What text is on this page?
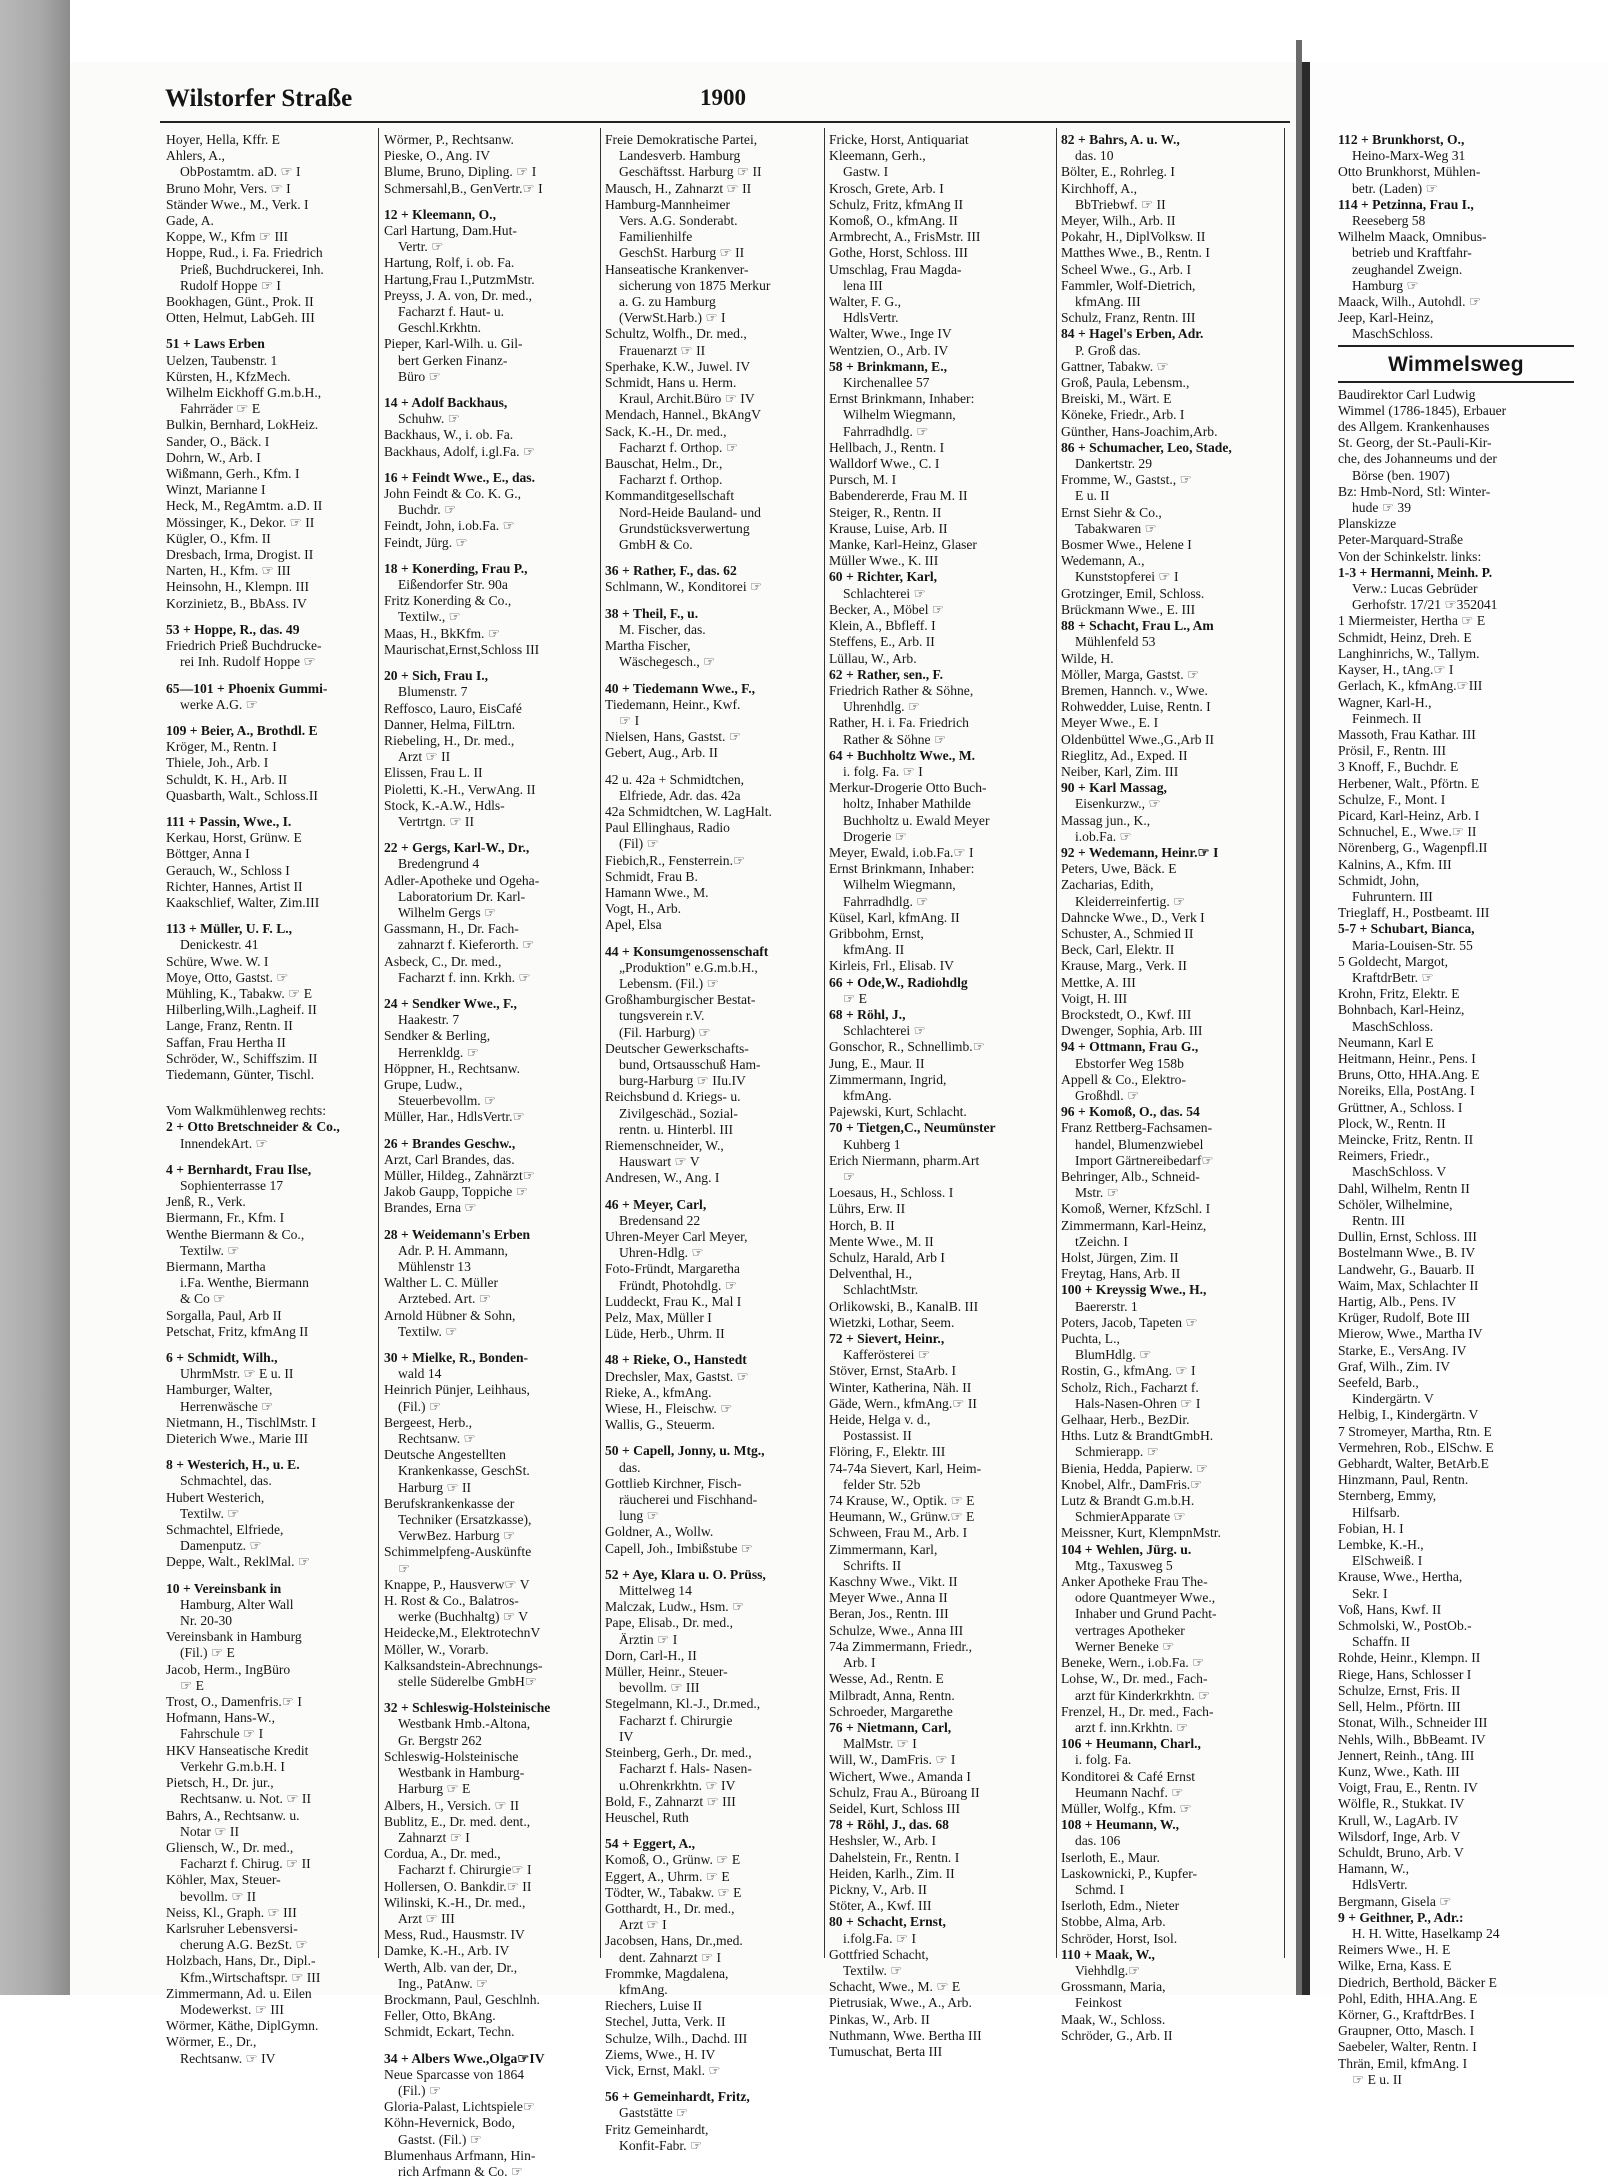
Wilstorfer Straße	1900
Hoyer, Hella, Kffr. E
Ahlers, A.,
ObPostamtm. aD. ☞ I
Bruno Mohr, Vers. ☞ I
Ständer Wwe., M., Verk. I
Gade, A.
Koppe, W., Kfm ☞ III
Hoppe, Rud., i. Fa. Friedrich
Prieß, Buchdruckerei, Inh.
Rudolf Hoppe ☞ I
Bookhagen, Günt., Prok. II
Otten, Helmut, LabGeh. III
51 + Laws Erben
Uelzen, Taubenstr. 1
Kürsten, H., KfzMech.
Wilhelm Eickhoff G.m.b.H.,
Fahrräder ☞ E
Bulkin, Bernhard, LokHeiz.
Sander, O., Bäck. I
Dohrn, W., Arb. I
Wißmann, Gerh., Kfm. I
Winzt, Marianne I
Heck, M., RegAmtm. a.D. II
Mössinger, K., Dekor. ☞ II
Kügler, O., Kfm. II
Dresbach, Irma, Drogist. II
Narten, H., Kfm. ☞ III
Heinsohn, H., Klempn. III
Korzinietz, B., BbAss. IV
53 + Hoppe, R., das. 49
Friedrich Prieß Buchdrucke-
rei Inh. Rudolf Hoppe ☞
65—101 + Phoenix Gummi-
werke A.G. ☞
109 + Beier, A., Brothdl. E
Kröger, M., Rentn. I
Thiele, Joh., Arb. I
Schuldt, K. H., Arb. II
Quasbarth, Walt., Schloss.II
111 + Passin, Wwe., I.
Kerkau, Horst, Grünw. E
Böttger, Anna I
Gerauch, W., Schloss I
Richter, Hannes, Artist II
Kaakschlief, Walter, Zim.III
113 + Müller, U. F. L.,
Denickestr. 41
Schüre, Wwe. W. I
Moye, Otto, Gastst. ☞
Mühling, K., Tabakw. ☞ E
Hilberling,Wilh.,Lagheif. II
Lange, Franz, Rentn. II
Saffan, Frau Hertha II
Schröder, W., Schiffszim. II
Tiedemann, Günter, Tischl.
Vom Walkmühlenweg rechts:
2 + Otto Bretschneider & Co.,
InnendekArt. ☞
4 + Bernhardt, Frau Ilse,
Sophienterrasse 17
Jenß, R., Verk.
Biermann, Fr., Kfm. I
Wenthe Biermann & Co.,
Textilw. ☞
Biermann, Martha
i.Fa. Wenthe, Biermann
& Co ☞
Sorgalla, Paul, Arb II
Petschat, Fritz, kfmAng II
6 + Schmidt, Wilh.,
UhrmMstr. ☞ E u. II
Hamburger, Walter,
Herrenwäsche ☞
Nietmann, H., TischlMstr. I
Dieterich Wwe., Marie III
8 + Westerich, H., u. E.
Schmachtel, das.
Hubert Westerich,
Textilw. ☞
Schmachtel, Elfriede,
Damenputz. ☞
Deppe, Walt., ReklMal. ☞
10 + Vereinsbank in
Hamburg, Alter Wall
Nr. 20-30
Vereinsbank in Hamburg
(Fil.) ☞ E
Jacob, Herm., IngBüro
☞ E
Trost, O., Damenfris.☞ I
Hofmann, Hans-W.,
Fahrschule ☞ I
HKV Hanseatische Kredit
Verkehr G.m.b.H. I
Pietsch, H., Dr. jur.,
Rechtsanw. u. Not. ☞ II
Bahrs, A., Rechtsanw. u.
Notar ☞ II
Gliensch, W., Dr. med.,
Facharzt f. Chirug. ☞ II
Köhler, Max, Steuer-
bevollm. ☞ II
Neiss, Kl., Graph. ☞ III
Karlsruher Lebensversi-
cherung A.G. BezSt. ☞
Holzbach, Hans, Dr., Dipl.-
Kfm.,Wirtschaftspr. ☞ III
Zimmermann, Ad. u. Eilen
Modewerkst. ☞ III
Wörmer, Käthe, DiplGymn.
Wörmer, E., Dr.,
Rechtsanw. ☞ IV
Wörmer, P., Rechtsanw.
Pieske, O., Ang. IV
Blume, Bruno, Dipling. ☞ I
Schmersahl,B., GenVertr.☞ I
12 + Kleemann, O.,
Carl Hartung, Dam.Hut-
Vertr. ☞
Hartung, Rolf, i. ob. Fa.
Hartung,Frau I.,PutzmMstr.
Preyss, J. A. von, Dr. med.,
Facharzt f. Haut- u.
Geschl.Krkhtn.
Pieper, Karl-Wilh. u. Gil-
bert Gerken Finanz-
Büro ☞
14 + Adolf Backhaus,
Schuhw. ☞
Backhaus, W., i. ob. Fa.
Backhaus, Adolf, i.gl.Fa. ☞
16 + Feindt Wwe., E., das.
John Feindt & Co. K. G.,
Buchdr. ☞
Feindt, John, i.ob.Fa. ☞
Feindt, Jürg. ☞
18 + Konerding, Frau P.,
Eißendorfer Str. 90a
Fritz Konerding & Co.,
Textilw., ☞
Maas, H., BkKfm. ☞
Maurischat,Ernst,Schloss III
20 + Sich, Frau I.,
Blumenstr. 7
Reffosco, Lauro, EisCafé
Danner, Helma, FilLtrn.
Riebeling, H., Dr. med.,
Arzt ☞ II
Elissen, Frau L. II
Pioletti, K.-H., VerwAng. II
Stock, K.-A.W., Hdls-
Vertrtgn. ☞ II
22 + Gergs, Karl-W., Dr.,
Bredengrund 4
Adler-Apotheke und Ogeha-
Laboratorium Dr. Karl-
Wilhelm Gergs ☞
Gassmann, H., Dr. Fach-
zahnarzt f. Kieferorth. ☞
Asbeck, C., Dr. med.,
Facharzt f. inn. Krkh. ☞
24 + Sendker Wwe., F.,
Haakestr. 7
Sendker & Berling,
Herrenkldg. ☞
Höppner, H., Rechtsanw.
Grupe, Ludw.,
Steuerbevollm. ☞
Müller, Har., HdlsVertr.☞
26 + Brandes Geschw.,
Arzt, Carl Brandes, das.
Müller, Hildeg., Zahnärzt☞
Jakob Gaupp, Toppiche ☞
Brandes, Erna ☞
28 + Weidemann's Erben
Adr. P. H. Ammann,
Mühlenstr 13
Walther L. C. Müller
Arztebed. Art. ☞
Arnold Hübner & Sohn,
Textilw. ☞
30 + Mielke, R., Bonden-
wald 14
Heinrich Pünjer, Leihhaus,
(Fil.) ☞
Bergeest, Herb.,
Rechtsanw. ☞
Deutsche Angestellten
Krankenkasse, GeschSt.
Harburg ☞ II
Berufskrankenkasse der
Techniker (Ersatzkasse),
VerwBez. Harburg ☞
Schimmelpfeng-Auskünfte
☞
Knappe, P., Hausverw☞ V
H. Rost & Co., Balatros-
werke (Buchhaltg) ☞ V
Heidecke,M., ElektrotechnV
Möller, W., Vorarb.
Kalksandstein-Abrechnungs-
stelle Süderelbe GmbH☞
32 + Schleswig-Holsteinische
Westbank Hmb.-Altona,
Gr. Bergstr 262
Schleswig-Holsteinische
Westbank in Hamburg-
Harburg ☞ E
Albers, H., Versich. ☞ II
Bublitz, E., Dr. med. dent.,
Zahnarzt ☞ I
Cordua, A., Dr. med.,
Facharzt f. Chirurgie☞ I
Hollersen, O. Bankdir.☞ II
Wilinski, K.-H., Dr. med.,
Arzt ☞ III
Mess, Rud., Hausmstr. IV
Damke, K.-H., Arb. IV
Werth, Alb. van der, Dr.,
Ing., PatAnw. ☞
Brockmann, Paul, Geschlnh.
Feller, Otto, BkAng.
Schmidt, Eckart, Techn.
34 + Albers Wwe.,Olga☞IV
Neue Sparcasse von 1864
(Fil.) ☞
Gloria-Palast, Lichtspiele☞
Köhn-Hevernick, Bodo,
Gastst. (Fil.) ☞
Blumenhaus Arfmann, Hin-
rich Arfmann & Co. ☞
Freie Demokratische Partei,
Landesverb. Hamburg
Geschäftsst. Harburg ☞ II
Mausch, H., Zahnarzt ☞ II
Hamburg-Mannheimer
Vers. A.G. Sonderabt.
Familienhilfe
GeschSt. Harburg ☞ II
Hanseatische Krankenver-
sicherung von 1875 Merkur
a. G. zu Hamburg
(VerwSt.Harb.) ☞ I
Schultz, Wolfh., Dr. med.,
Frauenarzt ☞ II
Sperhake, K.W., Juwel. IV
Schmidt, Hans u. Herm.
Kraul, Archit.Büro ☞ IV
Mendach, Hannel., BkAngV
Sack, K.-H., Dr. med.,
Facharzt f. Orthop. ☞
Bauschat, Helm., Dr.,
Facharzt f. Orthop.
Kommanditgesellschaft
Nord-Heide Bauland- und
Grundstücksverwertung
GmbH & Co.
36 + Rather, F., das. 62
Schlmann, W., Konditorei ☞
38 + Theil, F., u.
M. Fischer, das.
Martha Fischer,
Wäschegesch., ☞
40 + Tiedemann Wwe., F.,
Tiedemann, Heinr., Kwf.
☞ I
Nielsen, Hans, Gastst. ☞
Gebert, Aug., Arb. II
42 u. 42a + Schmidtchen,
Elfriede, Adr. das. 42a
42a Schmidtchen, W. LagHalt.
Paul Ellinghaus, Radio
(Fil) ☞
Fiebich,R., Fensterrein.☞
Schmidt, Frau B.
Hamann Wwe., M.
Vogt, H., Arb.
Apel, Elsa
44 + Konsumgenossenschaft
„Produktion" e.G.m.b.H.,
Lebensm. (Fil.) ☞
Großhamburgischer Bestat-
tungsverein r.V.
(Fil. Harburg) ☞
Deutscher Gewerkschafts-
bund, Ortsausschuß Ham-
burg-Harburg ☞ IIu.IV
Reichsbund d. Kriegs- u.
Zivilgeschäd., Sozial-
rentn. u. Hinterbl. III
Riemenschneider, W.,
Hauswart ☞ V
Andresen, W., Ang. I
46 + Meyer, Carl,
Bredensand 22
Uhren-Meyer Carl Meyer,
Uhren-Hdlg. ☞
Foto-Fründt, Margaretha
Fründt, Photohdlg. ☞
Luddeckt, Frau K., Mal I
Pelz, Max, Müller I
Lüde, Herb., Uhrm. II
48 + Rieke, O., Hanstedt
Drechsler, Max, Gastst. ☞
Rieke, A., kfmAng.
Wiese, H., Fleischw. ☞
Wallis, G., Steuerm.
50 + Capell, Jonny, u. Mtg.,
das.
Gottlieb Kirchner, Fisch-
räucherei und Fischhand-
lung ☞
Goldner, A., Wollw.
Capell, Joh., Imbißstube ☞
52 + Aye, Klara u. O. Prüss,
Mittelweg 14
Malczak, Ludw., Hsm. ☞
Pape, Elisab., Dr. med.,
Ärztin ☞ I
Dorn, Carl-H., II
Müller, Heinr., Steuer-
bevollm. ☞ III
Stegelmann, Kl.-J., Dr.med.,
Facharzt f. Chirurgie
IV
Steinberg, Gerh., Dr. med.,
Facharzt f. Hals- Nasen-
u.Ohrenkrkhtn. ☞ IV
Bold, F., Zahnarzt ☞ III
Heuschel, Ruth
54 + Eggert, A.,
Komoß, O., Grünw. ☞ E
Eggert, A., Uhrm. ☞ E
Tödter, W., Tabakw. ☞ E
Gotthardt, H., Dr. med.,
Arzt ☞ I
Jacobsen, Hans, Dr.,med.
dent. Zahnarzt ☞ I
Frommke, Magdalena,
kfmAng.
Riechers, Luise II
Stechel, Jutta, Verk. II
Schulze, Wilh., Dachd. III
Ziems, Wwe., H. IV
Vick, Ernst, Makl. ☞
56 + Gemeinhardt, Fritz,
Gaststätte ☞
Fritz Gemeinhardt,
Konfit-Fabr. ☞
Fricke, Horst, Antiquariat
Kleemann, Gerh.,
Gastw. I
Krosch, Grete, Arb. I
Schulz, Fritz, kfmAng II
Komoß, O., kfmAng. II
Armbrecht, A., FrisMstr. III
Gothe, Horst, Schloss. III
Umschlag, Frau Magda-
lena III
Walter, F. G.,
HdlsVertr.
Walter, Wwe., Inge IV
Wentzien, O., Arb. IV
58 + Brinkmann, E.,
Kirchenallee 57
Ernst Brinkmann, Inhaber:
Wilhelm Wiegmann,
Fahrradhdlg. ☞
Hellbach, J., Rentn. I
Walldorf Wwe., C. I
Pursch, M. I
Babendererde, Frau M. II
Steiger, R., Rentn. II
Krause, Luise, Arb. II
Manke, Karl-Heinz, Glaser
Müller Wwe., K. III
60 + Richter, Karl,
Schlachterei ☞
Becker, A., Möbel ☞
Klein, A., Bbfleff. I
Steffens, E., Arb. II
Lüllau, W., Arb.
62 + Rather, sen., F.
Friedrich Rather & Söhne,
Uhrenhdlg. ☞
Rather, H. i. Fa. Friedrich
Rather & Söhne ☞
64 + Buchholtz Wwe., M.
i. folg. Fa. ☞ I
Merkur-Drogerie Otto Buch-
holtz, Inhaber Mathilde
Buchholtz u. Ewald Meyer
Drogerie ☞
Meyer, Ewald, i.ob.Fa.☞ I
Ernst Brinkmann, Inhaber:
Wilhelm Wiegmann,
Fahrradhdlg. ☞
Küsel, Karl, kfmAng. II
Gribbohm, Ernst,
kfmAng. II
Kirleis, Frl., Elisab. IV
66 + Ode,W., Radiohdlg
☞ E
68 + Röhl, J.,
Schlachterei ☞
Gonschor, R., Schnellimb.☞
Jung, E., Maur. II
Zimmermann, Ingrid,
kfmAng.
Pajewski, Kurt, Schlacht.
70 + Tietgen,C., Neumünster
Kuhberg 1
Erich Niermann, pharm.Art
☞
Loesaus, H., Schloss. I
Lührs, Erw. II
Horch, B. II
Mente Wwe., M. II
Schulz, Harald, Arb I
Delventhal, H.,
SchlachtMstr.
Orlikowski, B., KanalB. III
Wietzki, Lothar, Seem.
72 + Sievert, Heinr.,
Kafferösterei ☞
Stöver, Ernst, StaArb. I
Winter, Katherina, Näh. II
Gäde, Wern., kfmAng.☞ II
Heide, Helga v. d.,
Postassist. II
Flöring, F., Elektr. III
74-74a Sievert, Karl, Heim-
felder Str. 52b
74 Krause, W., Optik. ☞ E
Heumann, W., Grünw.☞ E
Schween, Frau M., Arb. I
Zimmermann, Karl,
Schrifts. II
Kaschny Wwe., Vikt. II
Meyer Wwe., Anna II
Beran, Jos., Rentn. III
Schulze, Wwe., Anna III
74a Zimmermann, Friedr.,
Arb. I
Wesse, Ad., Rentn. E
Milbradt, Anna, Rentn.
Schroeder, Margarethe
76 + Nietmann, Carl,
MalMstr. ☞ I
Will, W., DamFris. ☞ I
Wichert, Wwe., Amanda I
Schulz, Frau A., Büroang II
Seidel, Kurt, Schloss III
78 + Röhl, J., das. 68
Heshsler, W., Arb. I
Dahelstein, Fr., Rentn. I
Heiden, Karlh., Zim. II
Pickny, V., Arb. II
Stöter, A., Kwf. III
80 + Schacht, Ernst,
i.folg.Fa. ☞ I
Gottfried Schacht,
Textilw. ☞
Schacht, Wwe., M. ☞ E
Pietrusiak, Wwe., A., Arb.
Pinkas, W., Arb. II
Nuthmann, Wwe. Bertha III
Tumuschat, Berta III
82 + Bahrs, A. u. W.,
das. 10
Bölter, E., Rohrleg. I
Kirchhoff, A.,
BbTriebwf. ☞ II
Meyer, Wilh., Arb. II
Pokahr, H., DiplVolksw. II
Matthes Wwe., B., Rentn. I
Scheel Wwe., G., Arb. I
Fammler, Wolf-Dietrich,
kfmAng. III
Schulz, Franz, Rentn. III
84 + Hagel's Erben, Adr.
P. Groß das.
Gattner, Tabakw. ☞
Groß, Paula, Lebensm.,
Breiski, M., Wärt. E
Köneke, Friedr., Arb. I
Günther, Hans-Joachim,Arb.
86 + Schumacher, Leo, Stade,
Dankertstr. 29
Fromme, W., Gastst., ☞
E u. II
Ernst Siehr & Co.,
Tabakwaren ☞
Bosmer Wwe., Helene I
Wedemann, A.,
Kunststopferei ☞ I
Grotzinger, Emil, Schloss.
Brückmann Wwe., E. III
88 + Schacht, Frau L., Am
Mühlenfeld 53
Wilde, H.
Möller, Marga, Gastst. ☞
Bremen, Hannch. v., Wwe.
Rohwedder, Luise, Rentn. I
Meyer Wwe., E. I
Oldenbüttel Wwe.,G.,Arb II
Rieglitz, Ad., Exped. II
Neiber, Karl, Zim. III
90 + Karl Massag,
Eisenkurzw., ☞
Massag jun., K.,
i.ob.Fa. ☞
92 + Wedemann, Heinr.☞ I
Peters, Uwe, Bäck. E
Zacharias, Edith,
Kleiderreinfertig. ☞
Dahncke Wwe., D., Verk I
Schuster, A., Schmied II
Beck, Carl, Elektr. II
Krause, Marg., Verk. II
Mettke, A. III
Voigt, H. III
Brockstedt, O., Kwf. III
Dwenger, Sophia, Arb. III
94 + Ottmann, Frau G.,
Ebstorfer Weg 158b
Appell & Co., Elektro-
Großhdl. ☞
96 + Komoß, O., das. 54
Franz Rettberg-Fachsamen-
handel, Blumenzwiebel
Import Gärtnereibedarf☞
Behringer, Alb., Schneid-
Mstr. ☞
Komoß, Werner, KfzSchl. I
Zimmermann, Karl-Heinz,
tZeichn. I
Holst, Jürgen, Zim. II
Freytag, Hans, Arb. II
100 + Kreyssig Wwe., H.,
Baererstr. 1
Poters, Jacob, Tapeten ☞
Puchta, L.,
BlumHdlg. ☞
Rostin, G., kfmAng. ☞ I
Scholz, Rich., Facharzt f.
Hals-Nasen-Ohren ☞ I
Gelhaar, Herb., BezDir.
Hths. Lutz & BrandtGmbH.
Schmierapp. ☞
Bienia, Hedda, Papierw. ☞
Knobel, Alfr., DamFris.☞
Lutz & Brandt G.m.b.H.
SchmierApparate ☞
Meissner, Kurt, KlempnMstr.
104 + Wehlen, Jürg. u.
Mtg., Taxusweg 5
Anker Apotheke Frau The-
odore Quantmeyer Wwe.,
Inhaber und Grund Pacht-
vertrages Apotheker
Werner Beneke ☞
Beneke, Wern., i.ob.Fa. ☞
Lohse, W., Dr. med., Fach-
arzt für Kinderkrkhtn. ☞
Frenzel, H., Dr. med., Fach-
arzt f. inn.Krkhtn. ☞
106 + Heumann, Charl.,
i. folg. Fa.
Konditorei & Café Ernst
Heumann Nachf. ☞
Müller, Wolfg., Kfm. ☞
108 + Heumann, W.,
das. 106
Iserloth, E., Maur.
Laskownicki, P., Kupfer-
Schmd. I
Iserloth, Edm., Nieter
Stobbe, Alma, Arb.
Schröder, Horst, Isol.
110 + Maak, W.,
Viehhdlg.☞
Grossmann, Maria,
Feinkost
Maak, W., Schloss.
Schröder, G., Arb. II
112 + Brunkhorst, O.,
Heino-Marx-Weg 31
Otto Brunkhorst, Mühlen-
betr. (Laden) ☞
114 + Petzinna, Frau I.,
Reeseberg 58
Wilhelm Maack, Omnibus-
betrieb und Kraftfahr-
zeughandel Zweign.
Hamburg ☞
Maack, Wilh., Autohdl. ☞
Jeep, Karl-Heinz,
MaschSchloss.
Wimmelsweg
Baudirektor Carl Ludwig
Wimmel (1786-1845), Erbauer
des Allgem. Krankenhauses
St. Georg, der St.-Pauli-Kir-
che, des Johanneums und der
Börse (ben. 1907)
Bz: Hmb-Nord, Stl: Winter-
hude ☞ 39
Planskizze
Peter-Marquard-Straße
Von der Schinkelstr. links:
1-3 + Hermanni, Meinh. P.
Verw.: Lucas Gebrüder
Gerhofstr. 17/21 ☞352041
1 Miermeister, Hertha ☞ E
Schmidt, Heinz, Dreh. E
Langhinrichs, W., Tallym.
Kayser, H., tAng.☞ I
Gerlach, K., kfmAng.☞III
Wagner, Karl-H.,
Feinmech. II
Massoth, Frau Kathar. III
Prösil, F., Rentn. III
3 Knoff, F., Buchdr. E
Herbener, Walt., Pförtn. E
Schulze, F., Mont. I
Picard, Karl-Heinz, Arb. I
Schnuchel, E., Wwe.☞ II
Nörenberg, G., Wagenpfl.II
Kalnins, A., Kfm. III
Schmidt, John,
Fuhruntern. III
Trieglaff, H., Postbeamt. III
5-7 + Schubart, Bianca,
Maria-Louisen-Str. 55
5 Goldecht, Margot,
KraftdrBetr. ☞
Krohn, Fritz, Elektr. E
Bohnbach, Karl-Heinz,
MaschSchloss.
Neumann, Karl E
Heitmann, Heinr., Pens. I
Bruns, Otto, HHA.Ang. E
Noreiks, Ella, PostAng. I
Grüttner, A., Schloss. I
Plock, W., Rentn. II
Meincke, Fritz, Rentn. II
Reimers, Friedr.,
MaschSchloss. V
Dahl, Wilhelm, Rentn II
Schöler, Wilhelmine,
Rentn. III
Dullin, Ernst, Schloss. III
Bostelmann Wwe., B. IV
Landwehr, G., Bauarb. II
Waim, Max, Schlachter II
Hartig, Alb., Pens. IV
Krüger, Rudolf, Bote III
Mierow, Wwe., Martha IV
Starke, E., VersAng. IV
Graf, Wilh., Zim. IV
Seefeld, Barb.,
Kindergärtn. V
Helbig, I., Kindergärtn. V
7 Stromeyer, Martha, Rtn. E
Vermehren, Rob., ElSchw. E
Gebhardt, Walter, BetArb.E
Hinzmann, Paul, Rentn.
Sternberg, Emmy,
Hilfsarb.
Fobian, H. I
Lembke, K.-H.,
ElSchweiß. I
Krause, Wwe., Hertha,
Sekr. I
Voß, Hans, Kwf. II
Schmolski, W., PostOb.-
Schaffn. II
Rohde, Heinr., Klempn. II
Riege, Hans, Schlosser I
Schulze, Ernst, Fris. II
Sell, Helm., Pförtn. III
Stonat, Wilh., Schneider III
Nehls, Wilh., BbBeamt. IV
Jennert, Reinh., tAng. III
Kunz, Wwe., Kath. III
Voigt, Frau, E., Rentn. IV
Wölfle, R., Stukkat. IV
Krull, W., LagArb. IV
Wilsdorf, Inge, Arb. V
Schuldt, Bruno, Arb. V
Hamann, W.,
HdlsVertr.
Bergmann, Gisela ☞
9 + Geithner, P., Adr.:
H. H. Witte, Haselkamp 24
Reimers Wwe., H. E
Wilke, Erna, Kass. E
Diedrich, Berthold, Bäcker E
Pohl, Edith, HHA.Ang. E
Körner, G., KraftdrBes. I
Graupner, Otto, Masch. I
Saebeler, Walter, Rentn. I
Thrän, Emil, kfmAng. I
☞ E u. II
